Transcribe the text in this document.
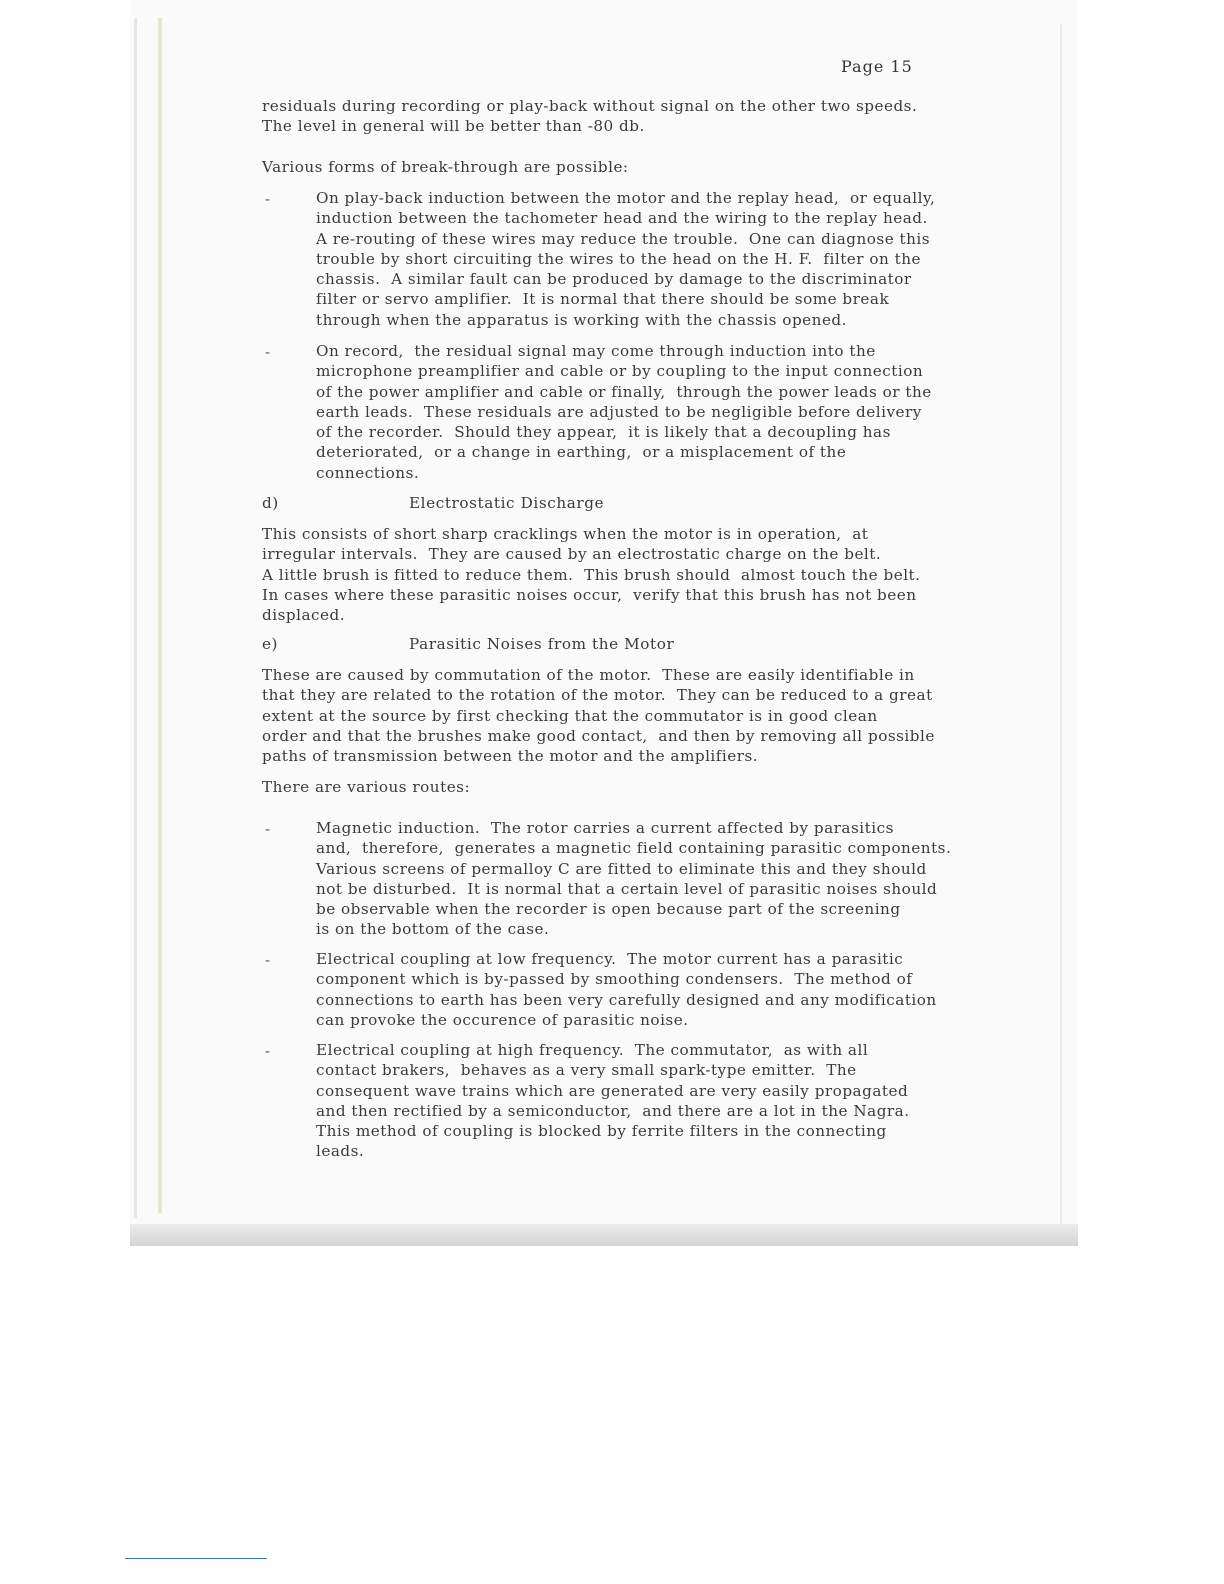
Page 15

residuals during recording or play-back without signal on the other two speeds.
The level in general will be better than -80 db.

Various forms of break-through are possible:

-	On play-back induction between the motor and the replay head,  or equally,
induction between the tachometer head and the wiring to the replay head.
A re-routing of these wires may reduce the trouble.  One can diagnose this
trouble by short circuiting the wires to the head on the H. F.  filter on the
chassis.  A similar fault can be produced by damage to the discriminator
filter or servo amplifier.  It is normal that there should be some break
through when the apparatus is working with the chassis opened.

-	On record,  the residual signal may come through induction into the
microphone preamplifier and cable or by coupling to the input connection
of the power amplifier and cable or finally,  through the power leads or the
earth leads.  These residuals are adjusted to be negligible before delivery
of the recorder.  Should they appear,  it is likely that a decoupling has
deteriorated,  or a change in earthing,  or a misplacement of the
connections.

d)	Electrostatic Discharge

This consists of short sharp cracklings when the motor is in operation,  at
irregular intervals.  They are caused by an electrostatic charge on the belt.
A little brush is fitted to reduce them.  This brush should  almost touch the belt.
In cases where these parasitic noises occur,  verify that this brush has not been
displaced.

e)	Parasitic Noises from the Motor

These are caused by commutation of the motor.  These are easily identifiable in
that they are related to the rotation of the motor.  They can be reduced to a great
extent at the source by first checking that the commutator is in good clean
order and that the brushes make good contact,  and then by removing all possible
paths of transmission between the motor and the amplifiers.

There are various routes:

-	Magnetic induction.  The rotor carries a current affected by parasitics
and,  therefore,  generates a magnetic field containing parasitic components.
Various screens of permalloy C are fitted to eliminate this and they should
not be disturbed.  It is normal that a certain level of parasitic noises should
be observable when the recorder is open because part of the screening
is on the bottom of the case.

-	Electrical coupling at low frequency.  The motor current has a parasitic
component which is by-passed by smoothing condensers.  The method of
connections to earth has been very carefully designed and any modification
can provoke the occurence of parasitic noise.

-	Electrical coupling at high frequency.  The commutator,  as with all
contact brakers,  behaves as a very small spark-type emitter.  The
consequent wave trains which are generated are very easily propagated
and then rectified by a semiconductor,  and there are a lot in the Nagra.
This method of coupling is blocked by ferrite filters in the connecting
leads.
